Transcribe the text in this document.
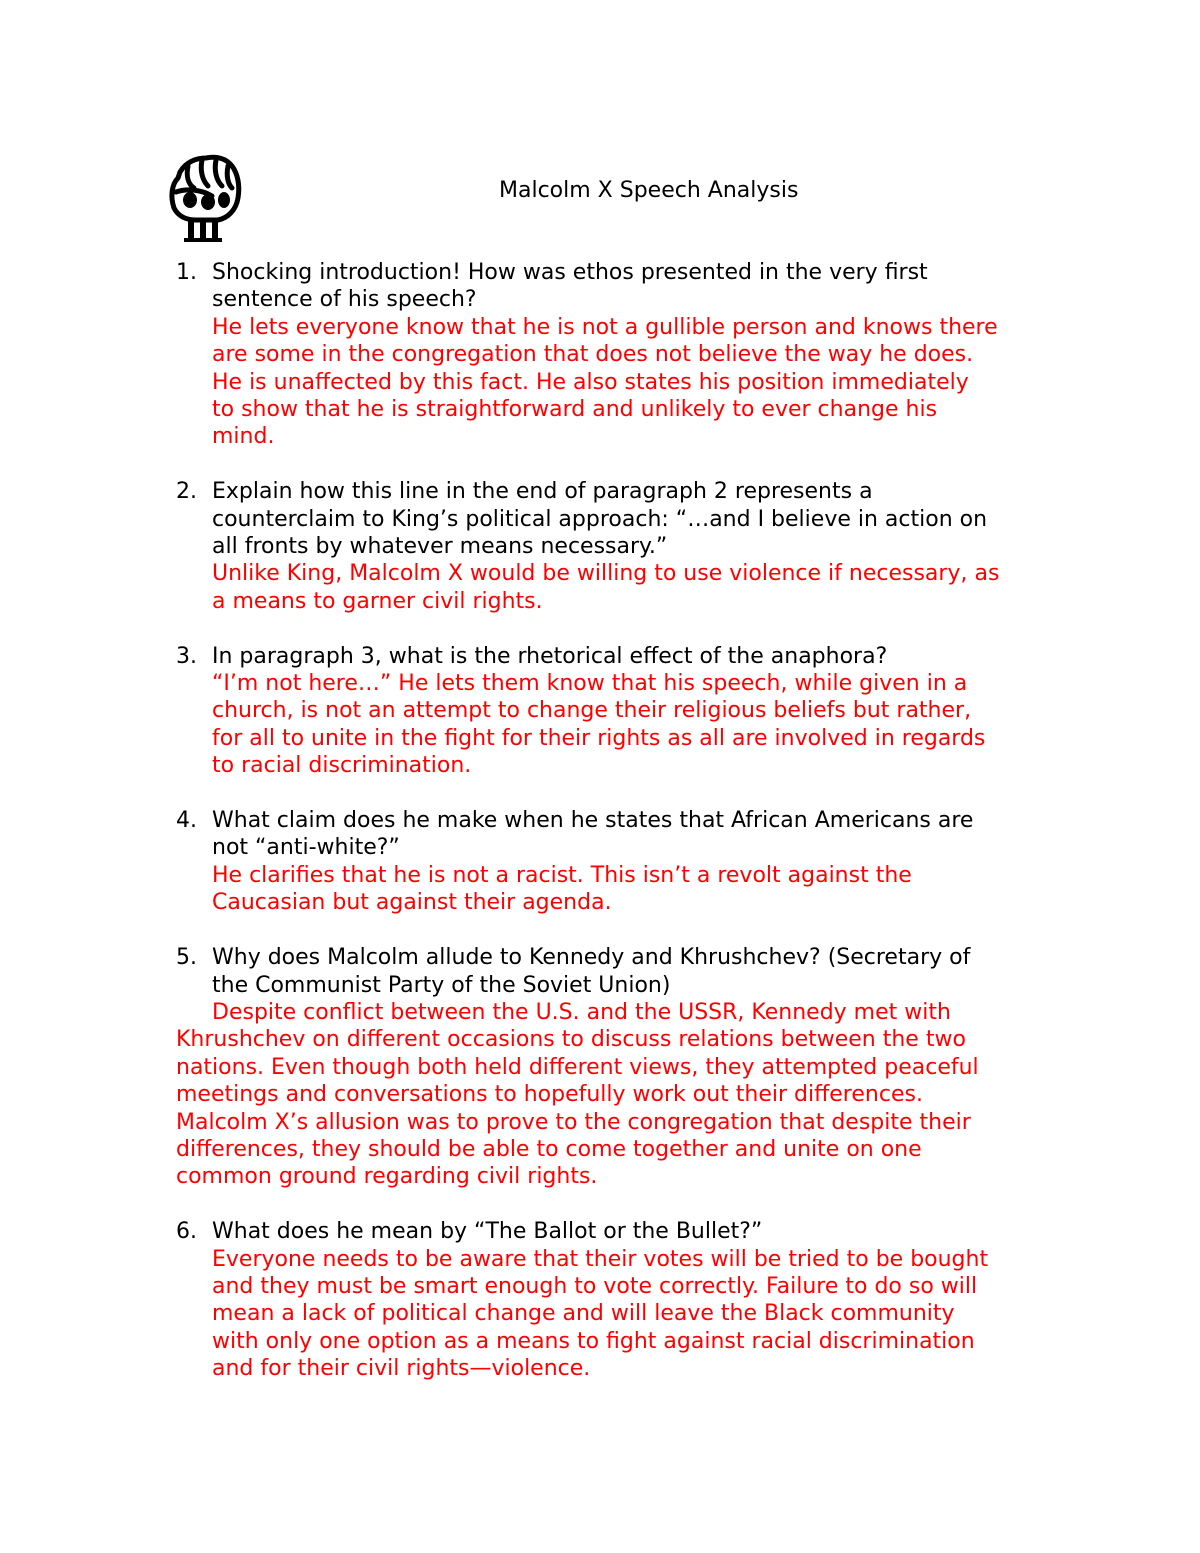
Malcolm X Speech Analysis
1. Shocking introduction! How was ethos presented in the very first
sentence of his speech?
He lets everyone know that he is not a gullible person and knows there
are some in the congregation that does not believe the way he does.
He is unaffected by this fact. He also states his position immediately
to show that he is straightforward and unlikely to ever change his
mind.
2. Explain how this line in the end of paragraph 2 represents a
counterclaim to King’s political approach: “…and I believe in action on
all fronts by whatever means necessary.”
Unlike King, Malcolm X would be willing to use violence if necessary, as
a means to garner civil rights.
3. In paragraph 3, what is the rhetorical effect of the anaphora?
“I’m not here…” He lets them know that his speech, while given in a
church, is not an attempt to change their religious beliefs but rather,
for all to unite in the fight for their rights as all are involved in regards
to racial discrimination.
4. What claim does he make when he states that African Americans are
not “anti-white?”
He clarifies that he is not a racist. This isn’t a revolt against the
Caucasian but against their agenda.
5. Why does Malcolm allude to Kennedy and Khrushchev? (Secretary of
the Communist Party of the Soviet Union)
Despite conflict between the U.S. and the USSR, Kennedy met with
Khrushchev on different occasions to discuss relations between the two
nations. Even though both held different views, they attempted peaceful
meetings and conversations to hopefully work out their differences.
Malcolm X’s allusion was to prove to the congregation that despite their
differences, they should be able to come together and unite on one
common ground regarding civil rights.
6. What does he mean by “The Ballot or the Bullet?”
Everyone needs to be aware that their votes will be tried to be bought
and they must be smart enough to vote correctly. Failure to do so will
mean a lack of political change and will leave the Black community
with only one option as a means to fight against racial discrimination
and for their civil rights—violence.
